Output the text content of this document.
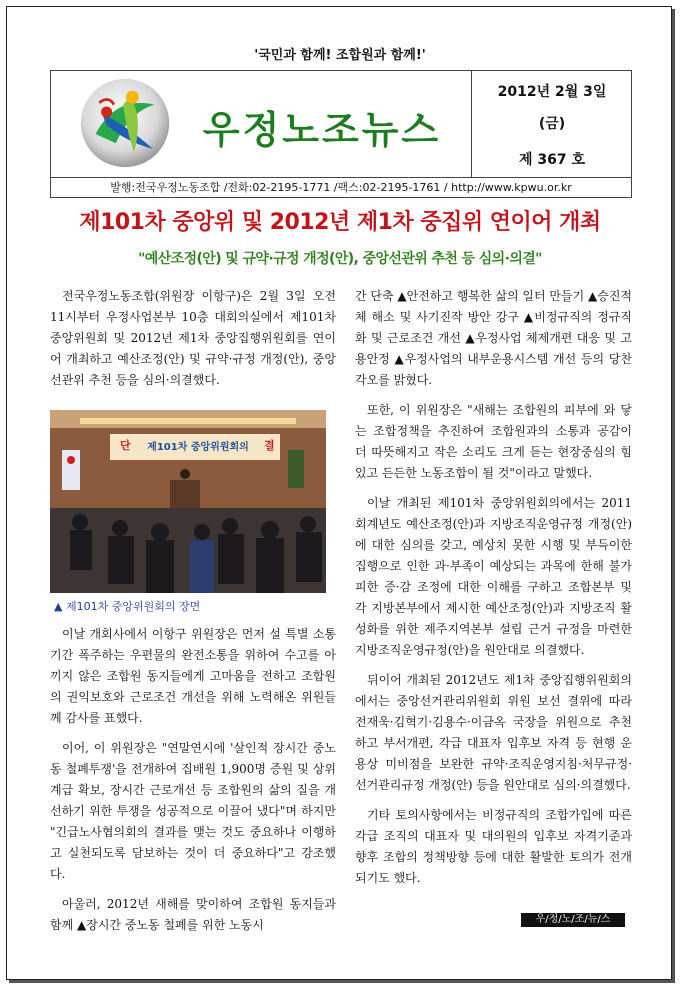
'국민과 함께! 조합원과 함께!'
우정노조뉴스
2012년 2월 3일
(금)
제 367 호
발행:전국우정노동조합 /전화:02-2195-1771 /팩스:02-2195-1761 / http://www.kpwu.or.kr
제101차 중앙위 및 2012년 제1차 중집위 연이어 개최
"예산조정(안) 및 규약·규정 개정(안), 중앙선관위 추천 등 심의·의결"

전국우정노동조합(위원장 이항구)은 2월 3일 오전 11시부터 우정사업본부 10층 대회의실에서 제101차 중앙위원회 및 2012년 제1차 중앙집행위원회를 연이어 개최하고 예산조정(안) 및 규약·규정 개정(안), 중앙선관위 추천 등을 심의·의결했다.

단	제101차 중앙위원회의	결
▲ 제101차 중앙위원회의 장면

이날 개회사에서 이항구 위원장은 먼저 설 특별 소통기간 폭주하는 우편물의 완전소통을 위하여 수고를 아끼지 않은 조합원 동지들에게 고마움을 전하고 조합원의 권익보호와 근로조건 개선을 위해 노력해온 위원들께 감사를 표했다.

이어, 이 위원장은 "연말연시에 '살인적 장시간 중노동 철폐투쟁'을 전개하여 집배원 1,900명 증원 및 상위계급 확보, 장시간 근로개선 등 조합원의 삶의 질을 개선하기 위한 투쟁을 성공적으로 이끌어 냈다"며 하지만 "긴급노사협의회의 결과를 맺는 것도 중요하나 이행하고 실천되도록 담보하는 것이 더 중요하다"고 강조했다.

아울러, 2012년 새해를 맞이하여 조합원 동지들과 함께 ▲장시간 중노동 철폐를 위한 노동시

간 단축 ▲안전하고 행복한 삶의 일터 만들기 ▲승진적체 해소 및 사기진작 방안 강구 ▲비정규직의 정규직화 및 근로조건 개선 ▲우정사업 체제개편 대응 및 고용안정 ▲우정사업의 내부운용시스템 개선 등의 당찬 각오를 밝혔다.

또한, 이 위원장은 "새해는 조합원의 피부에 와 닿는 조합정책을 추진하여 조합원과의 소통과 공감이 더 따뜻해지고 작은 소리도 크게 듣는 현장중심의 힘있고 든든한 노동조합이 될 것"이라고 말했다.

이날 개최된 제101차 중앙위원회의에서는 2011회계년도 예산조정(안)과 지방조직운영규정 개정(안)에 대한 심의를 갖고, 예상치 못한 시행 및 부득이한 집행으로 인한 과·부족이 예상되는 과목에 한해 불가피한 증·감 조정에 대한 이해를 구하고 조합본부 및 각 지방본부에서 제시한 예산조정(안)과 지방조직 활성화를 위한 제주지역본부 설립 근거 규정을 마련한 지방조직운영규정(안)을 원안대로 의결했다.

뒤이어 개최된 2012년도 제1차 중앙집행위원회의에서는 중앙선거관리위원회 위원 보선 결위에 따라 전재욱·김혁기·김용수·이금옥 국장을 위원으로 추천하고 부서개편, 각급 대표자 입후보 자격 등 현행 운용상 미비점을 보완한 규약·조직운영지침·처무규정·선거관리규정 개정(안) 등을 원안대로 심의·의결했다.

기타 토의사항에서는 비정규직의 조합가입에 따른 각급 조직의 대표자 및 대의원의 입후보 자격기준과 향후 조합의 정책방향 등에 대한 활발한 토의가 전개되기도 했다.

우/정/노/조/뉴/스
